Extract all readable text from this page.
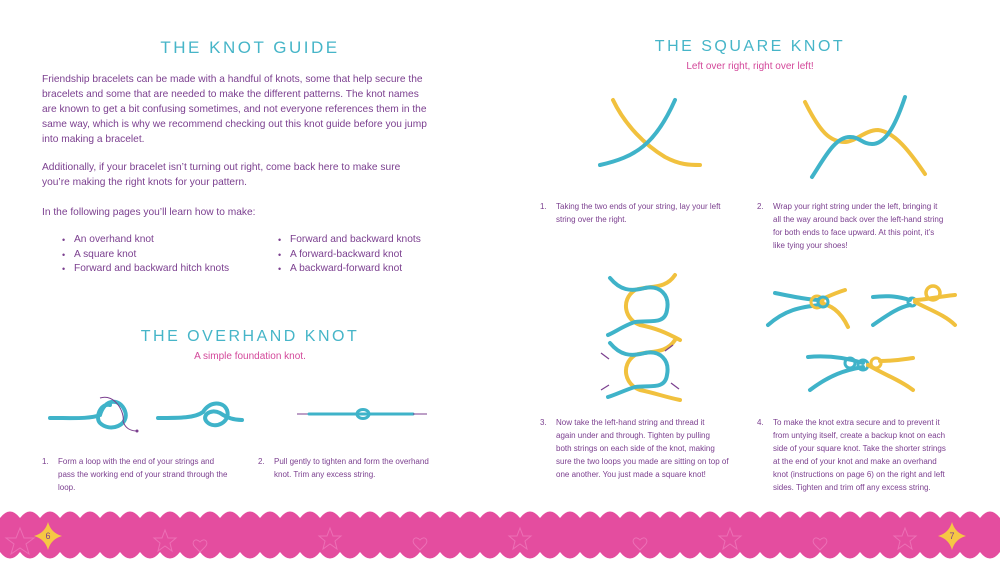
THE KNOT GUIDE
Friendship bracelets can be made with a handful of knots, some that help secure the
bracelets and some that are needed to make the different patterns. The knot names
are known to get a bit confusing sometimes, and not everyone references them in the
same way, which is why we recommend checking out this knot guide before you jump
into making a bracelet.
Additionally, if your bracelet isn’t turning out right, come back here to make sure
you’re making the right knots for your pattern.
In the following pages you’ll learn how to make:
• An overhand knot
• A square knot
• Forward and backward hitch knots
• Forward and backward knots
• A forward-backward knot
• A backward-forward knot
THE OVERHAND KNOT
A simple foundation knot.
1. Form a loop with the end of your strings and
pass the working end of your strand through the
loop.
2. Pull gently to tighten and form the overhand
knot. Trim any excess string.
THE SQUARE KNOT
Left over right, right over left!
1. Taking the two ends of your string, lay your left
string over the right.
2. Wrap your right string under the left, bringing it
all the way around back over the left-hand string
for both ends to face upward. At this point, it’s
like tying your shoes!
3. Now take the left-hand string and thread it
again under and through. Tighten by pulling
both strings on each side of the knot, making
sure the two loops you made are sitting on top of
one another. You just made a square knot!
4. To make the knot extra secure and to prevent it
from untying itself, create a backup knot on each
side of your square knot. Take the shorter strings
at the end of your knot and make an overhand
knot (instructions on page 6) on the right and left
sides. Tighten and trim off any excess string.
6	7
